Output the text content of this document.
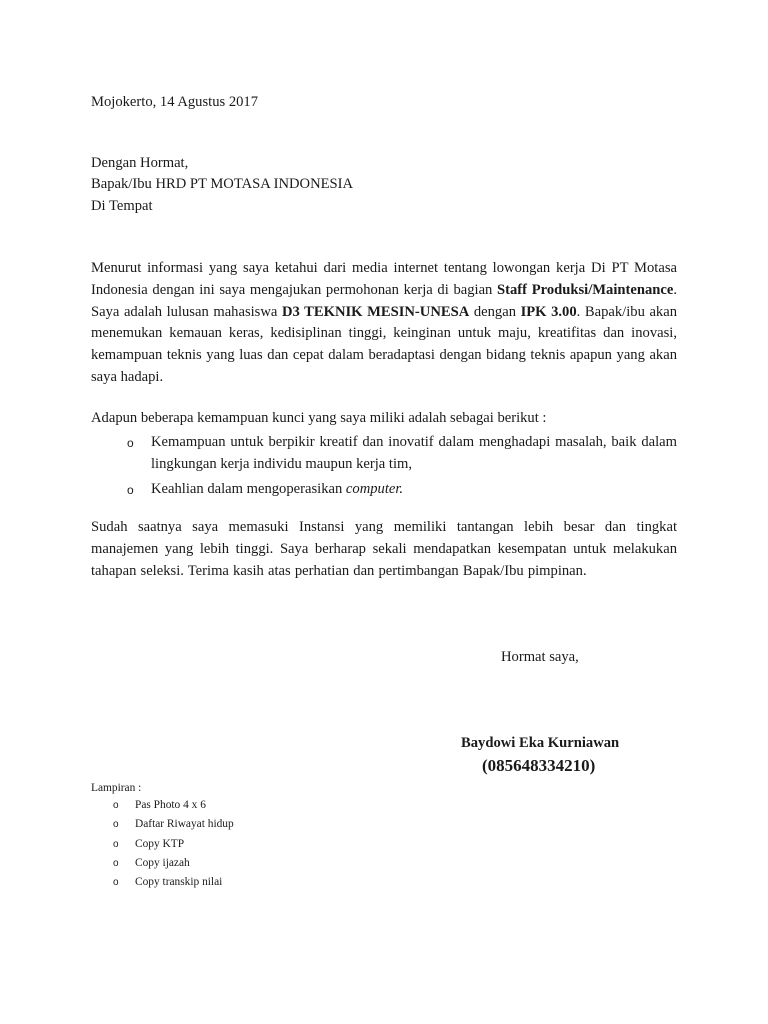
Mojokerto, 14 Agustus 2017
Dengan Hormat,
Bapak/Ibu HRD PT MOTASA INDONESIA
Di Tempat
Menurut informasi yang saya ketahui dari media internet tentang lowongan kerja Di PT Motasa Indonesia dengan ini saya mengajukan permohonan kerja di bagian Staff Produksi/Maintenance. Saya adalah lulusan mahasiswa D3 TEKNIK MESIN-UNESA dengan IPK 3.00. Bapak/ibu akan menemukan kemauan keras, kedisiplinan tinggi, keinginan untuk maju, kreatifitas dan inovasi, kemampuan teknis yang luas dan cepat dalam beradaptasi dengan bidang teknis apapun yang akan saya hadapi.
Adapun beberapa kemampuan kunci yang saya miliki adalah sebagai berikut :
o Kemampuan untuk berpikir kreatif dan inovatif dalam menghadapi masalah, baik dalam lingkungan kerja individu maupun kerja tim,
o Keahlian dalam mengoperasikan computer.
Sudah saatnya saya memasuki Instansi yang memiliki tantangan lebih besar dan tingkat manajemen yang lebih tinggi. Saya berharap sekali mendapatkan kesempatan untuk melakukan tahapan seleksi. Terima kasih atas perhatian dan pertimbangan Bapak/Ibu pimpinan.
Hormat saya,
Baydowi Eka Kurniawan
(085648334210)
Lampiran :
o Pas Photo 4 x 6
o Daftar Riwayat hidup
o Copy KTP
o Copy ijazah
o Copy transkip nilai
